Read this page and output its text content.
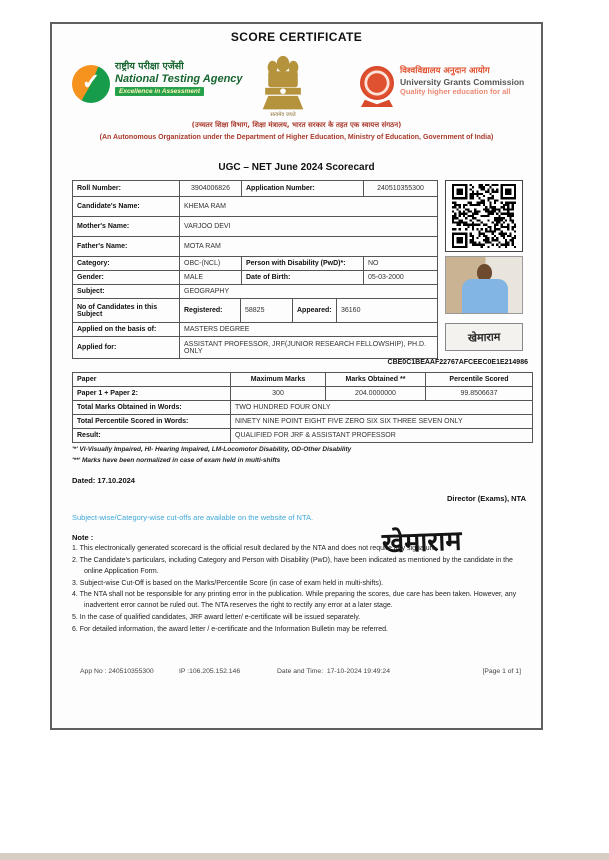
SCORE CERTIFICATE
✓
राष्ट्रीय परीक्षा एजेंसी
National Testing Agency
Excellence in Assessment
सत्यमेव जयते
विश्वविद्यालय अनुदान आयोग
University Grants Commission
Quality higher education for all
(उच्चतर शिक्षा विभाग, शिक्षा मंत्रालय, भारत सरकार के तहत एक स्वायत्त संगठन)
(An Autonomous Organization under the Department of Higher Education, Ministry of Education, Government of India)
UGC – NET June 2024 Scorecard
Roll Number:	3904006826	Application Number:	240510355300
Candidate's Name:	KHEMA RAM
Mother's Name:	VARJOO DEVI
Father's Name:	MOTA RAM
Category:	OBC-(NCL)	Person with Disability (PwD)*:	NO
Gender:	MALE	Date of Birth:	05-03-2000
Subject:	GEOGRAPHY
No of Candidates in this Subject	Registered:	58825	Appeared:	36160
Applied on the basis of:	MASTERS DEGREE
Applied for:	ASSISTANT PROFESSOR, JRF(JUNIOR RESEARCH FELLOWSHIP), PH.D. ONLY
खेमाराम
CBE0C1BEAAF22767AFCEEC0E1E214986
Paper	Maximum Marks	Marks Obtained **	Percentile Scored
Paper 1 + Paper 2:	300	204.0000000	99.8506637
Total Marks Obtained in Words:	TWO HUNDRED FOUR ONLY
Total Percentile Scored in Words:	NINETY NINE POINT EIGHT FIVE ZERO SIX SIX THREE SEVEN ONLY
Result:	QUALIFIED FOR JRF & ASSISTANT PROFESSOR
'*' VI-Visually Impaired, HI- Hearing Impaired, LM-Locomotor Disability, OD-Other Disability
'**' Marks have been normalized in case of exam held in multi-shifts
Dated: 17.10.2024
Director (Exams), NTA
Subject-wise/Category-wise cut-offs are available on the website of NTA.
खेमाराम
Note :
1. This electronically generated scorecard is the official result declared by the NTA and does not require any signature.
2. The Candidate's particulars, including Category and Person with Disability (PwD), have been indicated as mentioned by the candidate in the online Application Form.
3. Subject-wise Cut-Off is based on the Marks/Percentile Score (in case of exam held in multi-shifts).
4. The NTA shall not be responsible for any printing error in the publication. While preparing the scores, due care has been taken. However, any inadvertent error cannot be ruled out. The NTA reserves the right to rectify any error at a later stage.
5. In the case of qualified candidates, JRF award letter/ e-certificate will be issued separately.
6. For detailed information, the award letter / e-certificate and the Information Bulletin may be referred.
App No : 240510355300	IP :106.205.152.146	Date and Time: 17-10-2024 19:49:24	[Page 1 of 1]
